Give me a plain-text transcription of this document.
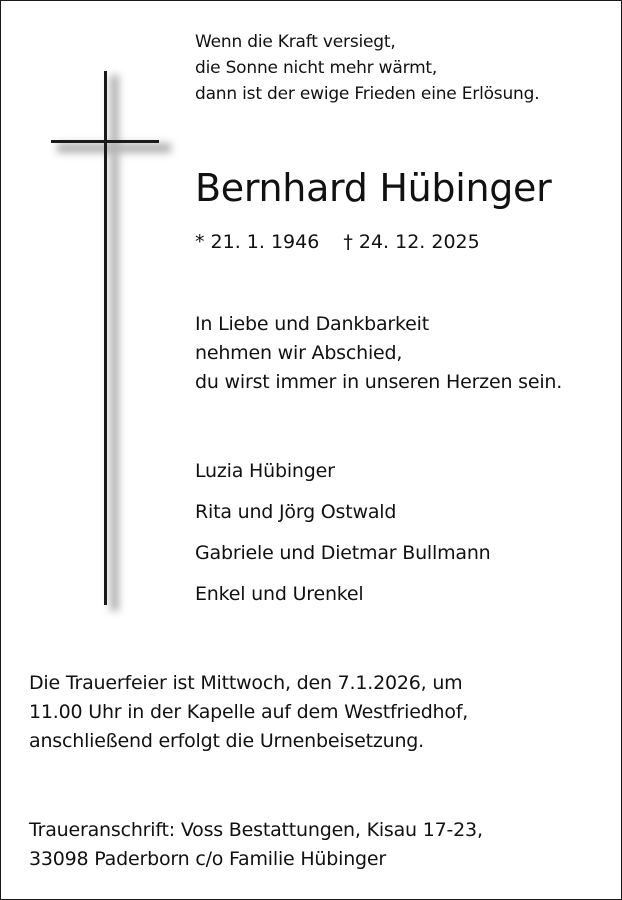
Wenn die Kraft versiegt,
die Sonne nicht mehr wärmt,
dann ist der ewige Frieden eine Erlösung.
Bernhard Hübinger
* 21. 1. 1946 † 24. 12. 2025
In Liebe und Dankbarkeit
nehmen wir Abschied,
du wirst immer in unseren Herzen sein.
Luzia Hübinger
Rita und Jörg Ostwald
Gabriele und Dietmar Bullmann
Enkel und Urenkel
Die Trauerfeier ist Mittwoch, den 7.1.2026, um
11.00 Uhr in der Kapelle auf dem Westfriedhof,
anschließend erfolgt die Urnenbeisetzung.
Traueranschrift: Voss Bestattungen, Kisau 17-23,
33098 Paderborn c/o Familie Hübinger
